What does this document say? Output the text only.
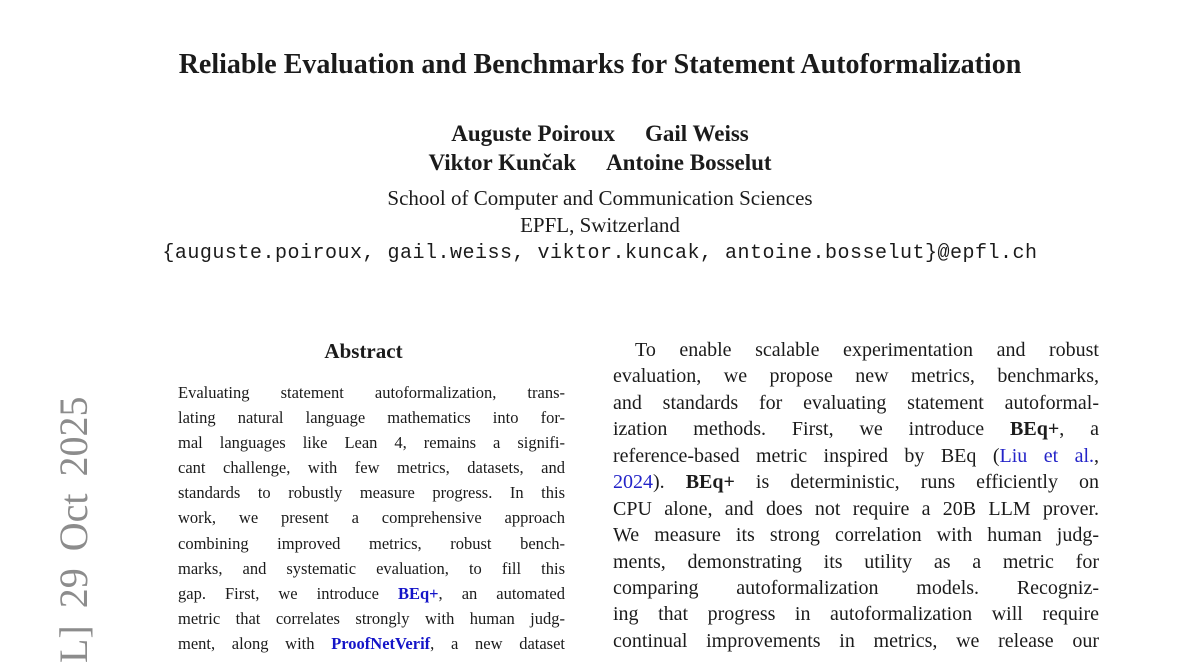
L] 29 Oct 2025
Reliable Evaluation and Benchmarks for Statement Autoformalization
Auguste Poiroux Gail Weiss
Viktor Kunčak Antoine Bosselut
School of Computer and Communication Sciences
EPFL, Switzerland
{auguste.poiroux, gail.weiss, viktor.kuncak, antoine.bosselut}@epfl.ch
Abstract
Evaluating statement autoformalization, trans-
lating natural language mathematics into for-
mal languages like Lean 4, remains a signifi-
cant challenge, with few metrics, datasets, and
standards to robustly measure progress. In this
work, we present a comprehensive approach
combining improved metrics, robust bench-
marks, and systematic evaluation, to fill this
gap. First, we introduce BEq+, an automated
metric that correlates strongly with human judg-
ment, along with ProofNetVerif, a new dataset
To enable scalable experimentation and robust
evaluation, we propose new metrics, benchmarks,
and standards for evaluating statement autoformal-
ization methods. First, we introduce BEq+, a
reference-based metric inspired by BEq (Liu et al.,
2024). BEq+ is deterministic, runs efficiently on
CPU alone, and does not require a 20B LLM prover.
We measure its strong correlation with human judg-
ments, demonstrating its utility as a metric for
comparing autoformalization models. Recogniz-
ing that progress in autoformalization will require
continual improvements in metrics, we release our
